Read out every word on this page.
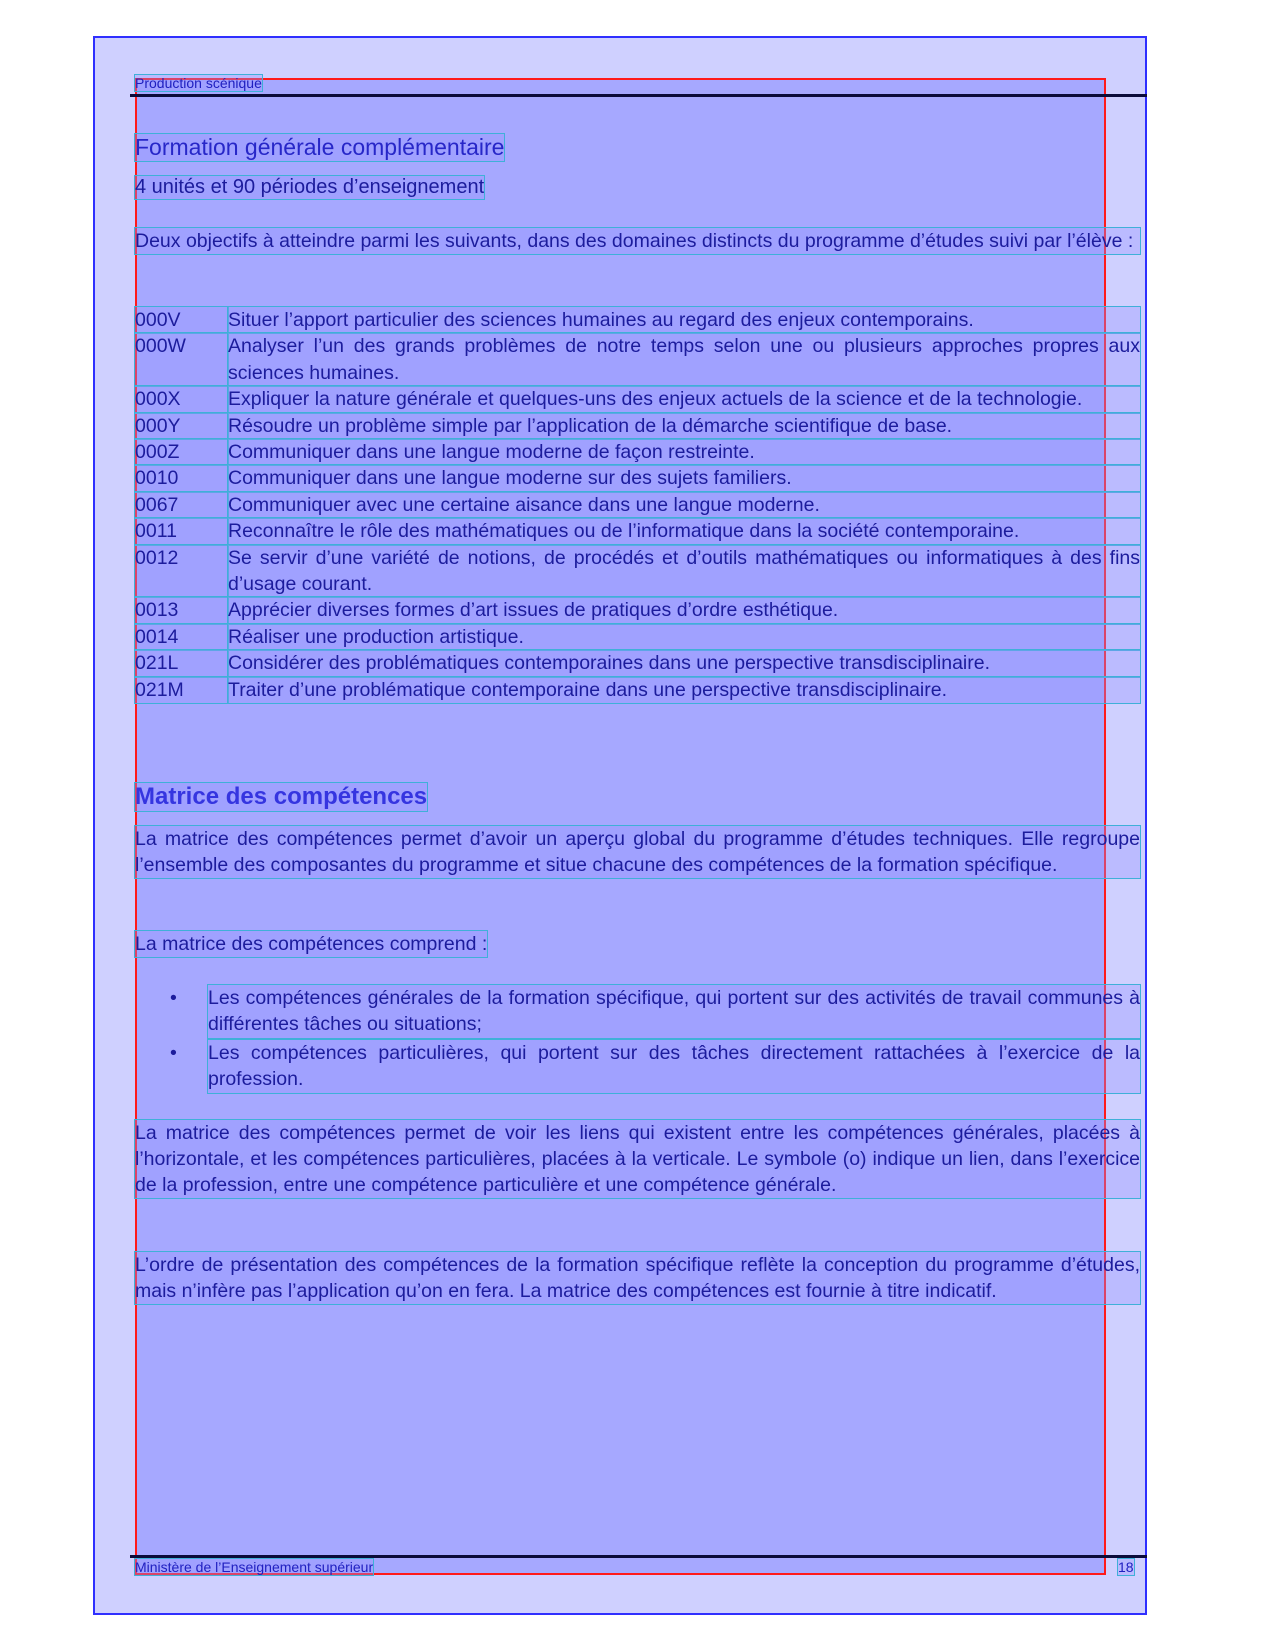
Production scénique
Formation générale complémentaire
4 unités et 90 périodes d’enseignement
Deux objectifs à atteindre parmi les suivants, dans des domaines distincts du programme d’études suivi par l’élève :
000V	Situer l’apport particulier des sciences humaines au regard des enjeux contemporains.
000W	Analyser l’un des grands problèmes de notre temps selon une ou plusieurs approches propres aux sciences humaines.
000X	Expliquer la nature générale et quelques-uns des enjeux actuels de la science et de la technologie.
000Y	Résoudre un problème simple par l’application de la démarche scientifique de base.
000Z	Communiquer dans une langue moderne de façon restreinte.
0010	Communiquer dans une langue moderne sur des sujets familiers.
0067	Communiquer avec une certaine aisance dans une langue moderne.
0011	Reconnaître le rôle des mathématiques ou de l’informatique dans la société contemporaine.
0012	Se servir d’une variété de notions, de procédés et d’outils mathématiques ou informatiques à des fins d’usage courant.
0013	Apprécier diverses formes d’art issues de pratiques d’ordre esthétique.
0014	Réaliser une production artistique.
021L	Considérer des problématiques contemporaines dans une perspective transdisciplinaire.
021M	Traiter d’une problématique contemporaine dans une perspective transdisciplinaire.
Matrice des compétences
La matrice des compétences permet d’avoir un aperçu global du programme d’études techniques. Elle regroupe l’ensemble des composantes du programme et situe chacune des compétences de la formation spécifique.
La matrice des compétences comprend :
•	Les compétences générales de la formation spécifique, qui portent sur des activités de travail communes à différentes tâches ou situations;
•	Les compétences particulières, qui portent sur des tâches directement rattachées à l’exercice de la profession.
La matrice des compétences permet de voir les liens qui existent entre les compétences générales, placées à l’horizontale, et les compétences particulières, placées à la verticale. Le symbole (o) indique un lien, dans l’exercice de la profession, entre une compétence particulière et une compétence générale.
L’ordre de présentation des compétences de la formation spécifique reflète la conception du programme d’études, mais n’infère pas l’application qu’on en fera. La matrice des compétences est fournie à titre indicatif.
Ministère de l’Enseignement supérieur	18
